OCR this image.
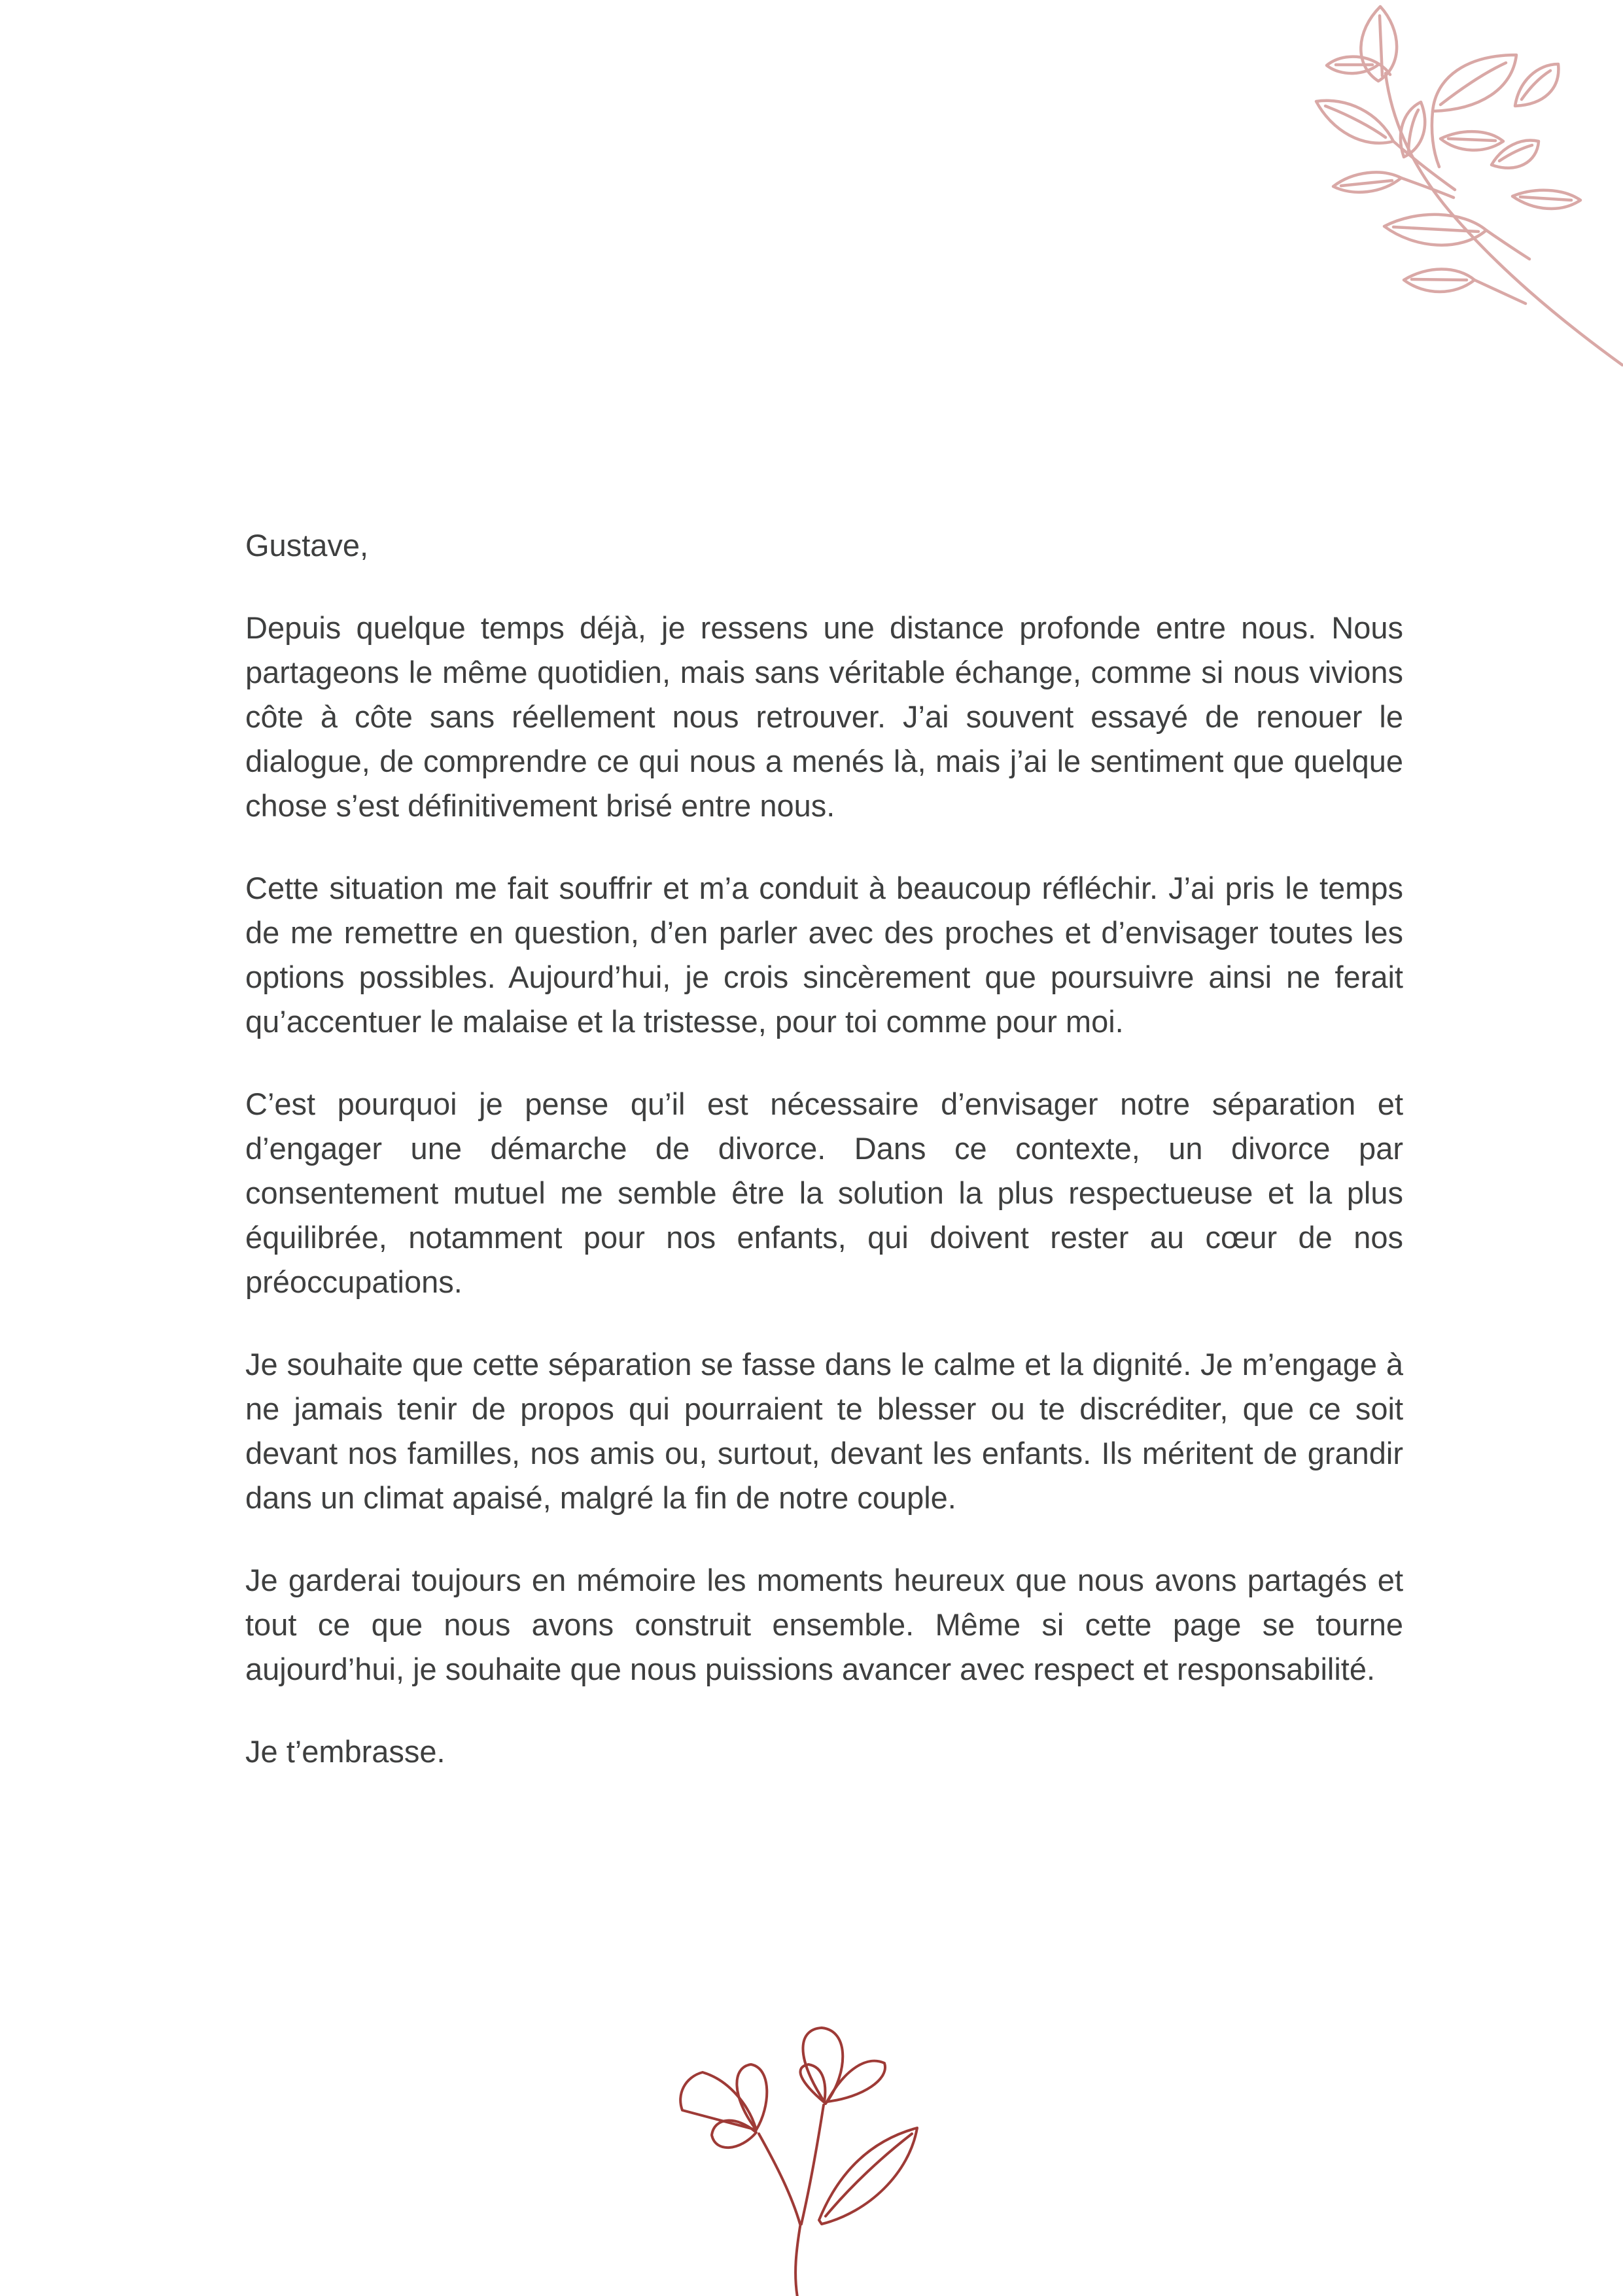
Gustave,

Depuis quelque temps déjà, je ressens une distance profonde entre nous. Nous partageons le même quotidien, mais sans véritable échange, comme si nous vivions côte à côte sans réellement nous retrouver. J’ai souvent essayé de renouer le dialogue, de comprendre ce qui nous a menés là, mais j’ai le sentiment que quelque chose s’est définitivement brisé entre nous.

Cette situation me fait souffrir et m’a conduit à beaucoup réfléchir. J’ai pris le temps de me remettre en question, d’en parler avec des proches et d’envisager toutes les options possibles. Aujourd’hui, je crois sincèrement que poursuivre ainsi ne ferait qu’accentuer le malaise et la tristesse, pour toi comme pour moi.

C’est pourquoi je pense qu’il est nécessaire d’envisager notre séparation et d’engager une démarche de divorce. Dans ce contexte, un divorce par consentement mutuel me semble être la solution la plus respectueuse et la plus équilibrée, notamment pour nos enfants, qui doivent rester au cœur de nos préoccupations.

Je souhaite que cette séparation se fasse dans le calme et la dignité. Je m’engage à ne jamais tenir de propos qui pourraient te blesser ou te discréditer, que ce soit devant nos familles, nos amis ou, surtout, devant les enfants. Ils méritent de grandir dans un climat apaisé, malgré la fin de notre couple.

Je garderai toujours en mémoire les moments heureux que nous avons partagés et tout ce que nous avons construit ensemble. Même si cette page se tourne aujourd’hui, je souhaite que nous puissions avancer avec respect et responsabilité.

Je t’embrasse.
